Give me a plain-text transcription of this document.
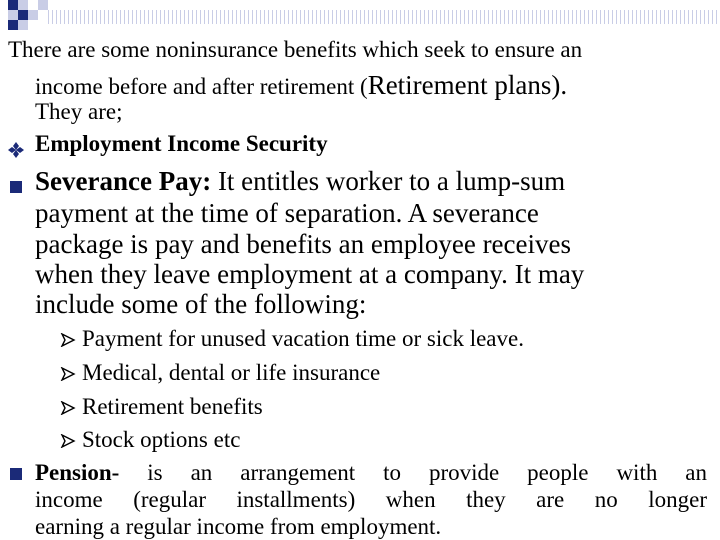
There are some noninsurance benefits which seek to ensure an
income before and after retirement (Retirement plans).
They are;
Employment Income Security
Severance Pay: It entitles worker to a lump-sum
payment at the time of separation. A severance
package is pay and benefits an employee receives
when they leave employment at a company. It may
include some of the following:
Payment for unused vacation time or sick leave.
Medical, dental or life insurance
Retirement benefits
Stock options etc
Pension- is an arrangement to provide people with an
income (regular installments) when they are no longer
earning a regular income from employment.
